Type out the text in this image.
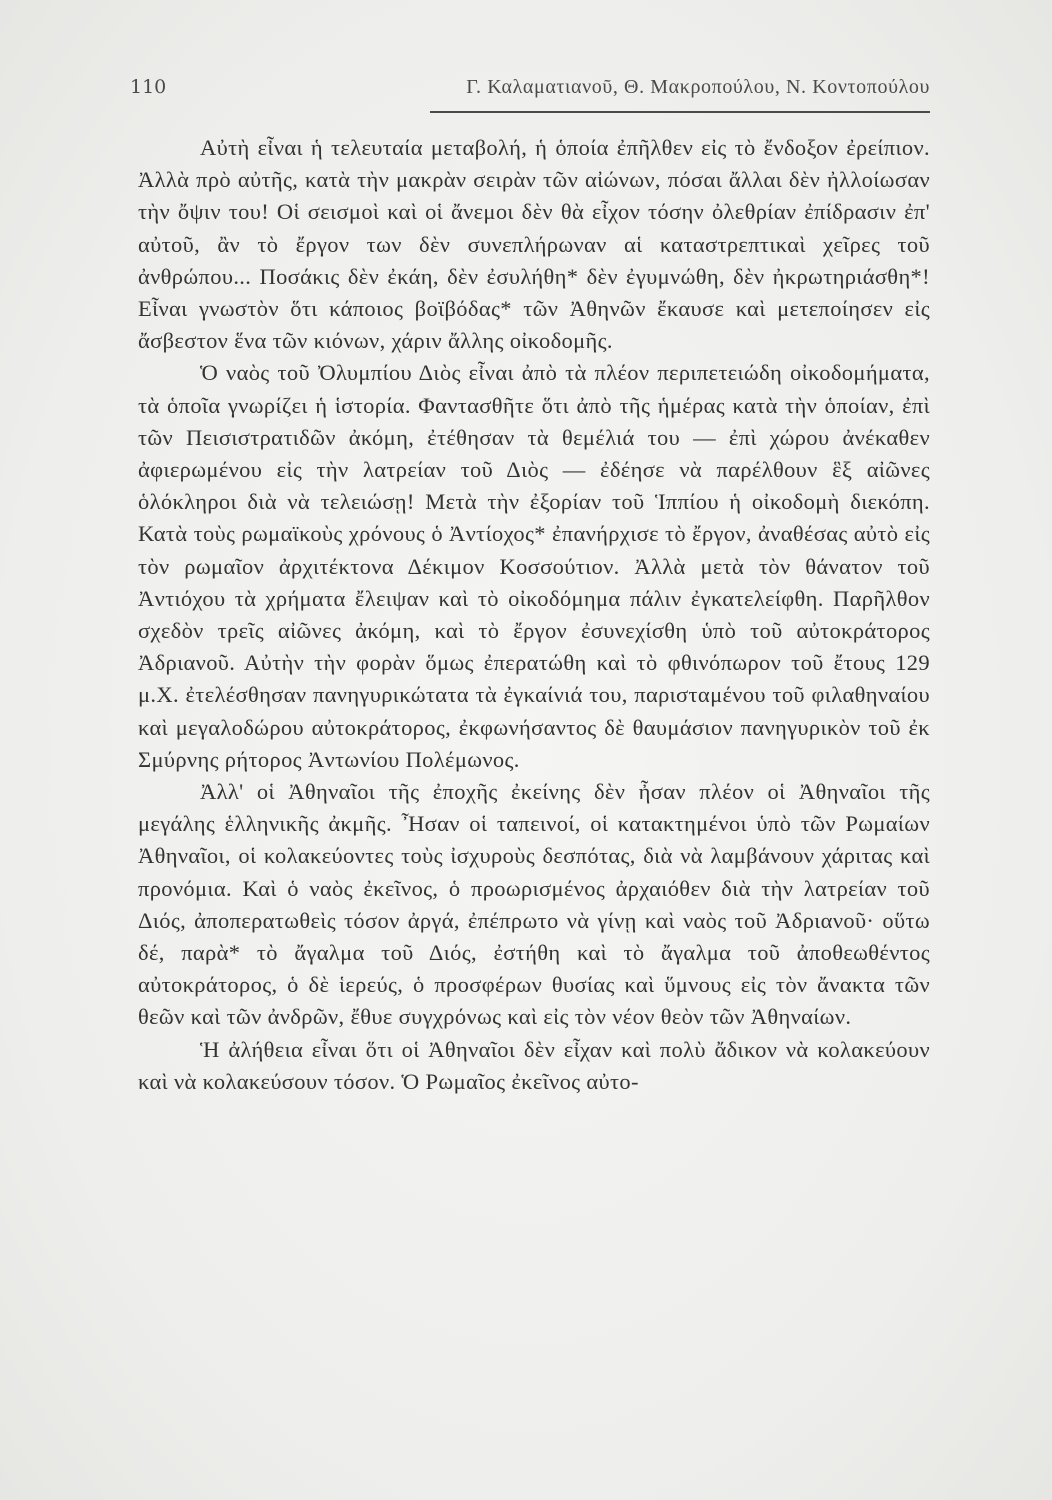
110	Γ. Καλαματιανοῦ, Θ. Μακροπούλου, Ν. Κοντοπούλου

Αὐτὴ εἶναι ἡ τελευταία μεταβολή, ἡ ὁποία ἐπῆλθεν εἰς τὸ ἔνδοξον ἐρείπιον. Ἀλλὰ πρὸ αὐτῆς, κατὰ τὴν μακρὰν σειρὰν τῶν αἰώνων, πόσαι ἄλλαι δὲν ἠλλοίωσαν τὴν ὄψιν του! Οἱ σεισμοὶ καὶ οἱ ἄνεμοι δὲν θὰ εἶχον τόσην ὀλεθρίαν ἐπίδρασιν ἐπ' αὐτοῦ, ἂν τὸ ἔργον των δὲν συνεπλήρωναν αἱ καταστρεπτικαὶ χεῖρες τοῦ ἀνθρώπου... Ποσάκις δὲν ἐκάη, δὲν ἐσυλήθη* δὲν ἐγυμνώθη, δὲν ἠκρωτηριάσθη*! Εἶναι γνωστὸν ὅτι κάποιος βοϊβόδας* τῶν Ἀθηνῶν ἔκαυσε καὶ μετεποίησεν εἰς ἄσβεστον ἕνα τῶν κιόνων, χάριν ἄλλης οἰκοδομῆς.

Ὁ ναὸς τοῦ Ὀλυμπίου Διὸς εἶναι ἀπὸ τὰ πλέον περιπετειώδη οἰκοδομήματα, τὰ ὁποῖα γνωρίζει ἡ ἱστορία. Φαντασθῆτε ὅτι ἀπὸ τῆς ἡμέρας κατὰ τὴν ὁποίαν, ἐπὶ τῶν Πεισιστρατιδῶν ἀκόμη, ἐτέθησαν τὰ θεμέλιά του — ἐπὶ χώρου ἀνέκαθεν ἀφιερωμένου εἰς τὴν λατρείαν τοῦ Διὸς — ἐδέησε νὰ παρέλθουν ἓξ αἰῶνες ὁλόκληροι διὰ νὰ τελειώσῃ! Μετὰ τὴν ἐξορίαν τοῦ Ἱππίου ἡ οἰκοδομὴ διεκόπη. Κατὰ τοὺς ρωμαϊκοὺς χρόνους ὁ Ἀντίοχος* ἐπανήρχισε τὸ ἔργον, ἀναθέσας αὐτὸ εἰς τὸν ρωμαῖον ἀρχιτέκτονα Δέκιμον Κοσσούτιον. Ἀλλὰ μετὰ τὸν θάνατον τοῦ Ἀντιόχου τὰ χρήματα ἔλειψαν καὶ τὸ οἰκοδόμημα πάλιν ἐγκατελείφθη. Παρῆλθον σχεδὸν τρεῖς αἰῶνες ἀκόμη, καὶ τὸ ἔργον ἐσυνεχίσθη ὑπὸ τοῦ αὐτοκράτορος Ἀδριανοῦ. Αὐτὴν τὴν φορὰν ὅμως ἐπερατώθη καὶ τὸ φθινόπωρον τοῦ ἔτους 129 μ.Χ. ἐτελέσθησαν πανηγυρικώτατα τὰ ἐγκαίνιά του, παρισταμένου τοῦ φιλαθηναίου καὶ μεγαλοδώρου αὐτοκράτορος, ἐκφωνήσαντος δὲ θαυμάσιον πανηγυρικὸν τοῦ ἐκ Σμύρνης ρήτορος Ἀντωνίου Πολέμωνος.

Ἀλλ' οἱ Ἀθηναῖοι τῆς ἐποχῆς ἐκείνης δὲν ἦσαν πλέον οἱ Ἀθηναῖοι τῆς μεγάλης ἑλληνικῆς ἀκμῆς. Ἦσαν οἱ ταπεινοί, οἱ κατακτημένοι ὑπὸ τῶν Ρωμαίων Ἀθηναῖοι, οἱ κολακεύοντες τοὺς ἰσχυροὺς δεσπότας, διὰ νὰ λαμβάνουν χάριτας καὶ προνόμια. Καὶ ὁ ναὸς ἐκεῖνος, ὁ προωρισμένος ἀρχαιόθεν διὰ τὴν λατρείαν τοῦ Διός, ἀποπερατωθεὶς τόσον ἀργά, ἐπέπρωτο νὰ γίνῃ καὶ ναὸς τοῦ Ἀδριανοῦ· οὕτω δέ, παρὰ* τὸ ἄγαλμα τοῦ Διός, ἐστήθη καὶ τὸ ἄγαλμα τοῦ ἀποθεωθέντος αὐτοκράτορος, ὁ δὲ ἱερεύς, ὁ προσφέρων θυσίας καὶ ὕμνους εἰς τὸν ἄνακτα τῶν θεῶν καὶ τῶν ἀνδρῶν, ἔθυε συγχρόνως καὶ εἰς τὸν νέον θεὸν τῶν Ἀθηναίων.

Ἡ ἀλήθεια εἶναι ὅτι οἱ Ἀθηναῖοι δὲν εἶχαν καὶ πολὺ ἄδικον νὰ κολακεύουν καὶ νὰ κολακεύσουν τόσον. Ὁ Ρωμαῖος ἐκεῖνος αὐτο-
